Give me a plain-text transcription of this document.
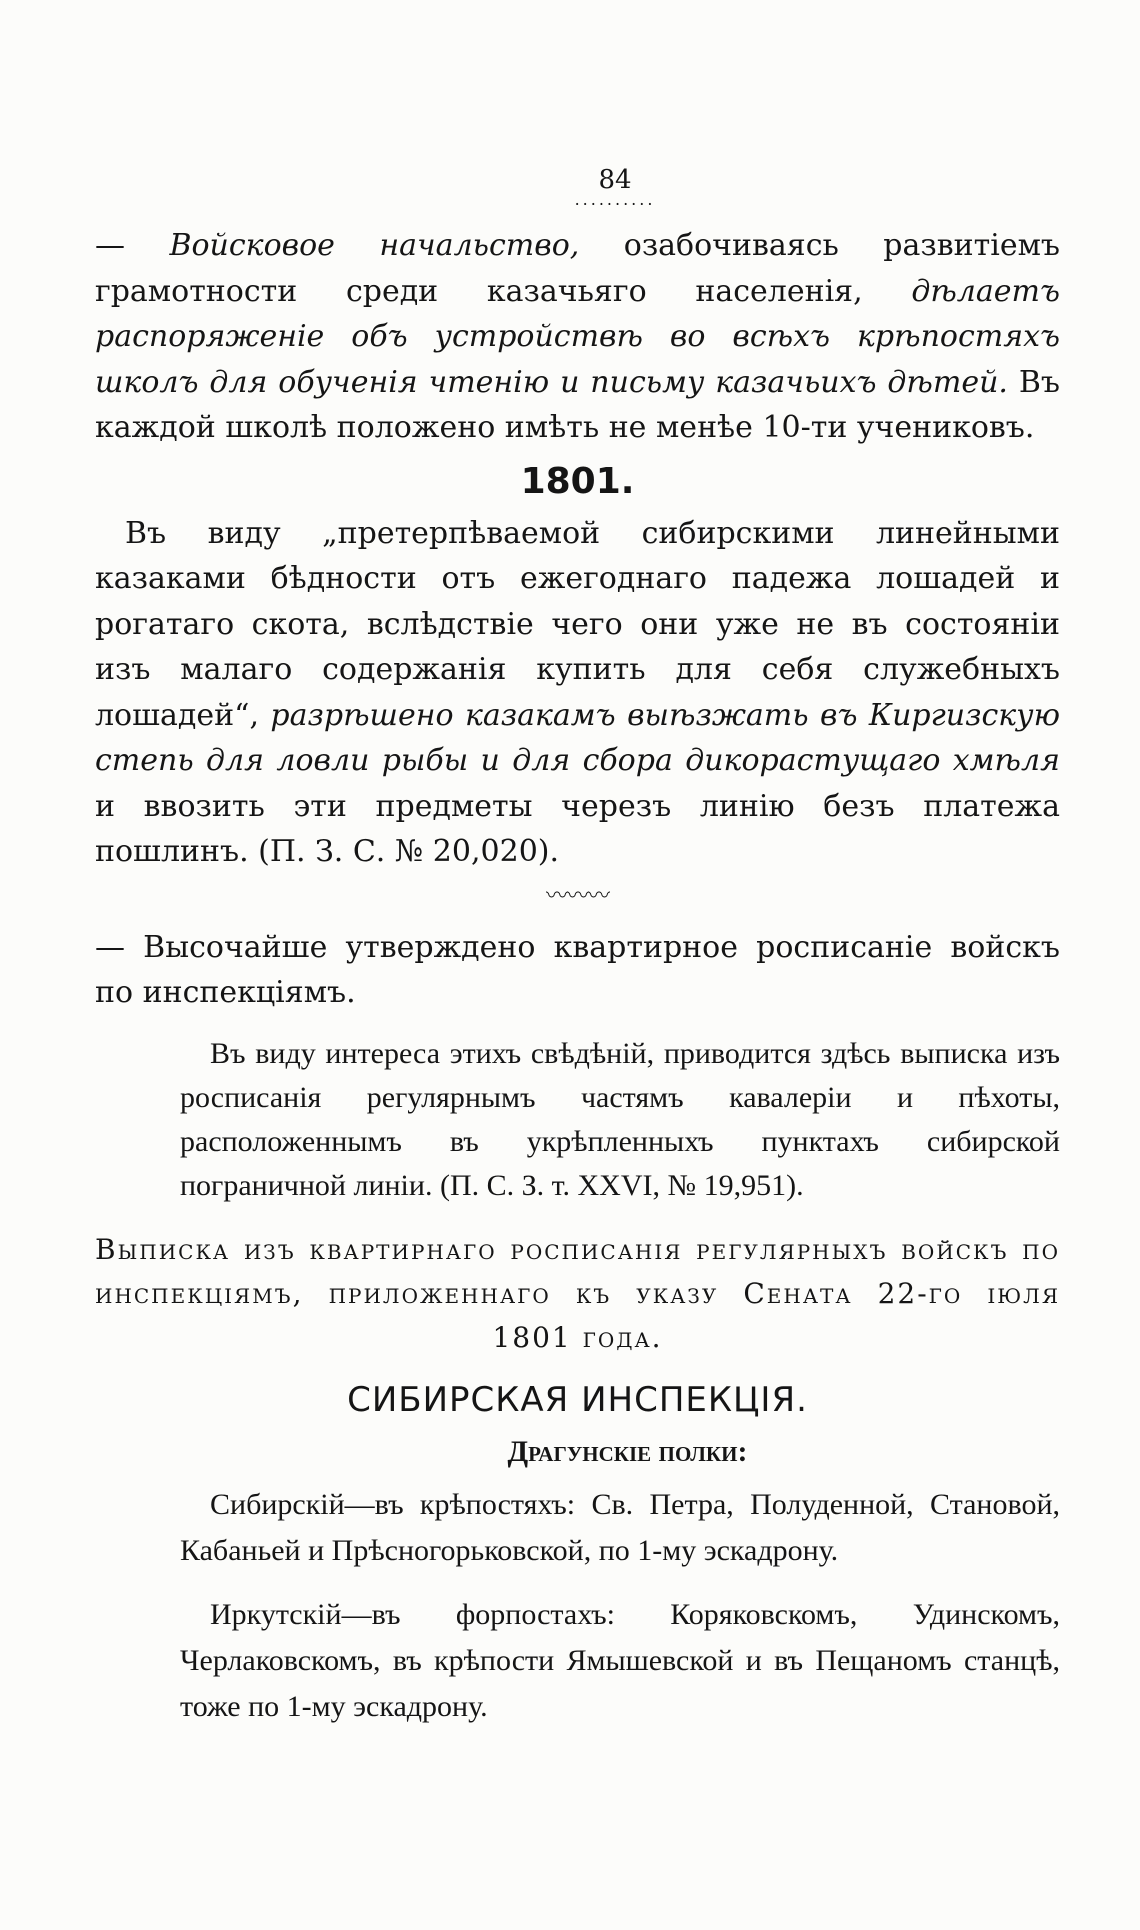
84
..........

— Войсковое начальство, озабочиваясь развитіемъ грамотности среди казачьяго населенія, дѣлаетъ распоряженіе объ устройствѣ во всѣхъ крѣпостяхъ школъ для обученія чтенію и письму казачьихъ дѣтей. Въ каждой школѣ положено имѣть не менѣе 10-ти учениковъ.

1801.

Въ виду „претерпѣваемой сибирскими линейными казаками бѣдности отъ ежегоднаго падежа лошадей и рогатаго скота, вслѣдствіе чего они уже не въ состояніи изъ малаго содержанія купить для себя служебныхъ лошадей“, разрѣшено казакамъ выѣзжать въ Киргизскую степь для ловли рыбы и для сбора дикорастущаго хмѣля и ввозить эти предметы черезъ линію безъ платежа пошлинъ. (П. З. С. № 20,020).

〰〰〰

— Высочайше утверждено квартирное росписаніе войскъ по инспекціямъ.

Въ виду интереса этихъ свѣдѣній, приводится здѣсь выписка изъ росписанія регулярнымъ частямъ кавалеріи и пѣхоты, расположеннымъ въ укрѣпленныхъ пунктахъ сибирской пограничной линіи. (П. С. З. т. XXVI, № 19,951).

Выписка изъ квартирнаго росписанія регулярныхъ войскъ по инспекціямъ, приложеннаго къ указу Сената 22-го іюля 1801 года.

СИБИРСКАЯ ИНСПЕКЦІЯ.
Драгунскіе полки:

Сибирскій—въ крѣпостяхъ: Св. Петра, Полуденной, Становой, Кабаньей и Прѣсногорьковской, по 1-му эскадрону.

Иркутскій—въ форпостахъ: Коряковскомъ, Удинскомъ, Черлаковскомъ, въ крѣпости Ямышевской и въ Пещаномъ станцѣ, тоже по 1-му эскадрону.
